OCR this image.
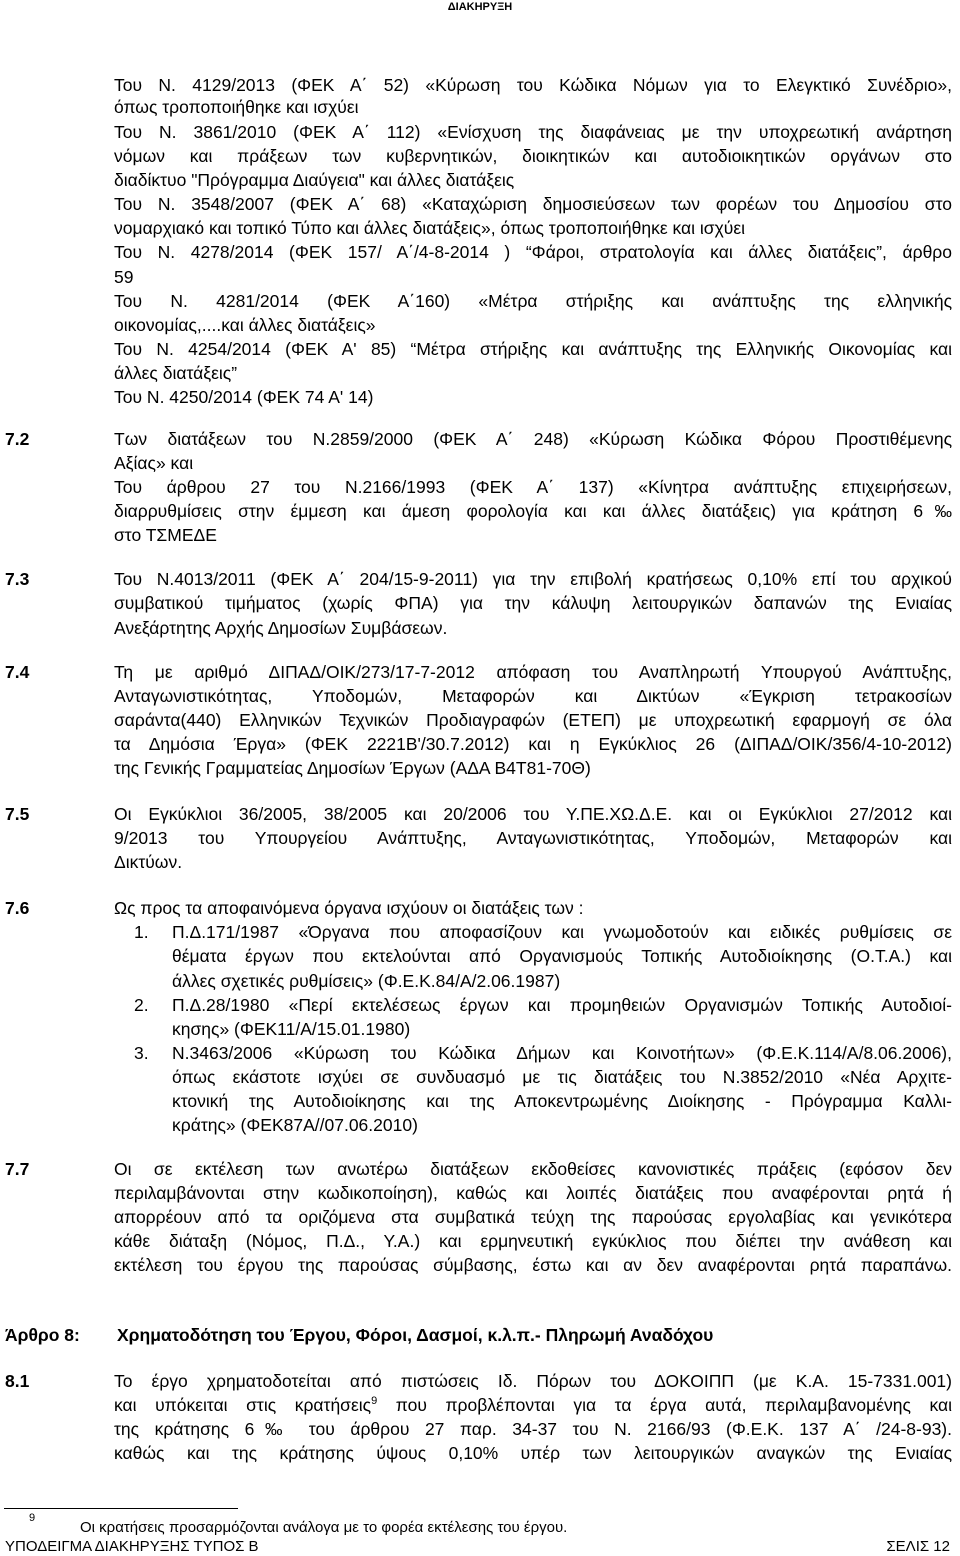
ΔΙΑΚΗΡΥΞΗ
Του Ν. 4129/2013 (ΦΕΚ Α΄ 52) «Κύρωση του Κώδικα Νόμων για το Ελεγκτικό Συνέδριο»,
όπως τροποποιήθηκε και ισχύει
Του Ν. 3861/2010 (ΦΕΚ Α΄ 112) «Ενίσχυση της διαφάνειας με την υποχρεωτική ανάρτηση
νόμων και πράξεων των κυβερνητικών, διοικητικών και αυτοδιοικητικών οργάνων στο
διαδίκτυο "Πρόγραμμα Διαύγεια" και άλλες διατάξεις
Του Ν. 3548/2007 (ΦΕΚ Α΄ 68) «Καταχώριση δημοσιεύσεων των φορέων του Δημοσίου στο
νομαρχιακό και τοπικό Τύπο και άλλες διατάξεις», όπως τροποποιήθηκε και ισχύει
Του Ν. 4278/2014 (ΦΕΚ 157/ Α΄/4-8-2014 ) “Φάροι, στρατολογία και άλλες διατάξεις”, άρθρο
59
Του Ν. 4281/2014 (ΦΕΚ Α΄160) «Μέτρα στήριξης και ανάπτυξης της ελληνικής
οικονομίας,....και άλλες διατάξεις»
Του Ν. 4254/2014 (ΦΕΚ Α' 85) “Μέτρα στήριξης και ανάπτυξης της Ελληνικής Οικονομίας και
άλλες διατάξεις”
Του Ν. 4250/2014 (ΦΕΚ 74 Α' 14)
7.2	Των διατάξεων του Ν.2859/2000 (ΦΕΚ Α΄ 248) «Κύρωση Κώδικα Φόρου Προστιθέμενης
Αξίας» και
Του άρθρου 27 του Ν.2166/1993 (ΦΕΚ Α΄ 137) «Κίνητρα ανάπτυξης επιχειρήσεων,
διαρρυθμίσεις στην έμμεση και άμεση φορολογία και και άλλες διατάξεις) για κράτηση 6‰
στο ΤΣΜΕΔΕ
7.3	Του Ν.4013/2011 (ΦΕΚ Α΄ 204/15-9-2011) για την επιβολή κρατήσεως 0,10% επί του αρχικού
συμβατικού τιμήματος (χωρίς ΦΠΑ) για την κάλυψη λειτουργικών δαπανών της Ενιαίας
Ανεξάρτητης Αρχής Δημοσίων Συμβάσεων.
7.4	Τη με αριθμό ΔΙΠΑΔ/ΟΙΚ/273/17-7-2012 απόφαση του Αναπληρωτή Υπουργού Ανάπτυξης,
Ανταγωνιστικότητας, Υποδομών, Μεταφορών και Δικτύων «Έγκριση τετρακοσίων
σαράντα(440) Ελληνικών Τεχνικών Προδιαγραφών (ΕΤΕΠ) με υποχρεωτική εφαρμογή σε όλα
τα Δημόσια Έργα» (ΦΕΚ 2221Β'/30.7.2012) και η Εγκύκλιος 26 (ΔΙΠΑΔ/ΟΙΚ/356/4-10-2012)
της Γενικής Γραμματείας Δημοσίων Έργων (ΑΔΑ Β4Τ81-70Θ)
7.5	Οι Εγκύκλιοι 36/2005, 38/2005 και 20/2006 του Υ.ΠΕ.ΧΩ.Δ.Ε. και οι Εγκύκλιοι 27/2012 και
9/2013 του Υπουργείου Ανάπτυξης, Ανταγωνιστικότητας, Υποδομών, Μεταφορών και
Δικτύων.
7.6	Ως προς τα αποφαινόμενα όργανα ισχύουν οι διατάξεις των :
1. Π.Δ.171/1987 «Όργανα που αποφασίζουν και γνωμοδοτούν και ειδικές ρυθμίσεις σε
θέματα έργων που εκτελούνται από Οργανισμούς Τοπικής Αυτοδιοίκησης (Ο.Τ.Α.) και
άλλες σχετικές ρυθμίσεις» (Φ.Ε.Κ.84/Α/2.06.1987)
2. Π.Δ.28/1980 «Περί εκτελέσεως έργων και προμηθειών Οργανισμών Τοπικής Αυτοδιοί-
κησης» (ΦΕΚ11/Α/15.01.1980)
3. Ν.3463/2006 «Κύρωση του Κώδικα Δήμων και Κοινοτήτων» (Φ.Ε.Κ.114/Α/8.06.2006),
όπως εκάστοτε ισχύει σε συνδυασμό με τις διατάξεις του Ν.3852/2010 «Νέα Αρχιτε-
κτονική της Αυτοδιοίκησης και της Αποκεντρωμένης Διοίκησης - Πρόγραμμα Καλλι-
κράτης» (ΦΕΚ87Α//07.06.2010)
7.7	Οι σε εκτέλεση των ανωτέρω διατάξεων εκδοθείσες κανονιστικές πράξεις (εφόσον δεν
περιλαμβάνονται στην κωδικοποίηση), καθώς και λοιπές διατάξεις που αναφέρονται ρητά ή
απορρέουν από τα οριζόμενα στα συμβατικά τεύχη της παρούσας εργολαβίας και γενικότερα
κάθε διάταξη (Νόμος, Π.Δ., Υ.Α.) και ερμηνευτική εγκύκλιος που διέπει την ανάθεση και
εκτέλεση του έργου της παρούσας σύμβασης, έστω και αν δεν αναφέρονται ρητά παραπάνω.
Άρθρο 8: Χρηματοδότηση του Έργου, Φόροι, Δασμοί, κ.λ.π.- Πληρωμή Αναδόχου
8.1	Το έργο χρηματοδοτείται από πιστώσεις Ιδ. Πόρων του ΔΟΚΟΙΠΠ (με Κ.Α. 15-7331.001)
και υπόκειται στις κρατήσεις$^9$ που προβλέπονται για τα έργα αυτά, περιλαμβανομένης και
της κράτησης 6‰ του άρθρου 27 παρ. 34-37 του Ν. 2166/93 (Φ.Ε.Κ. 137 Α΄ /24-8-93).
καθώς και της κράτησης ύψους 0,10% υπέρ των λειτουργικών αναγκών της Ενιαίας
9
Οι κρατήσεις προσαρμόζονται ανάλογα με το φορέα εκτέλεσης του έργου.
ΥΠΟΔΕΙΓΜΑ ΔΙΑΚΗΡΥΞΗΣ ΤΥΠΟΣ Β	ΣΕΛΙΣ 12
